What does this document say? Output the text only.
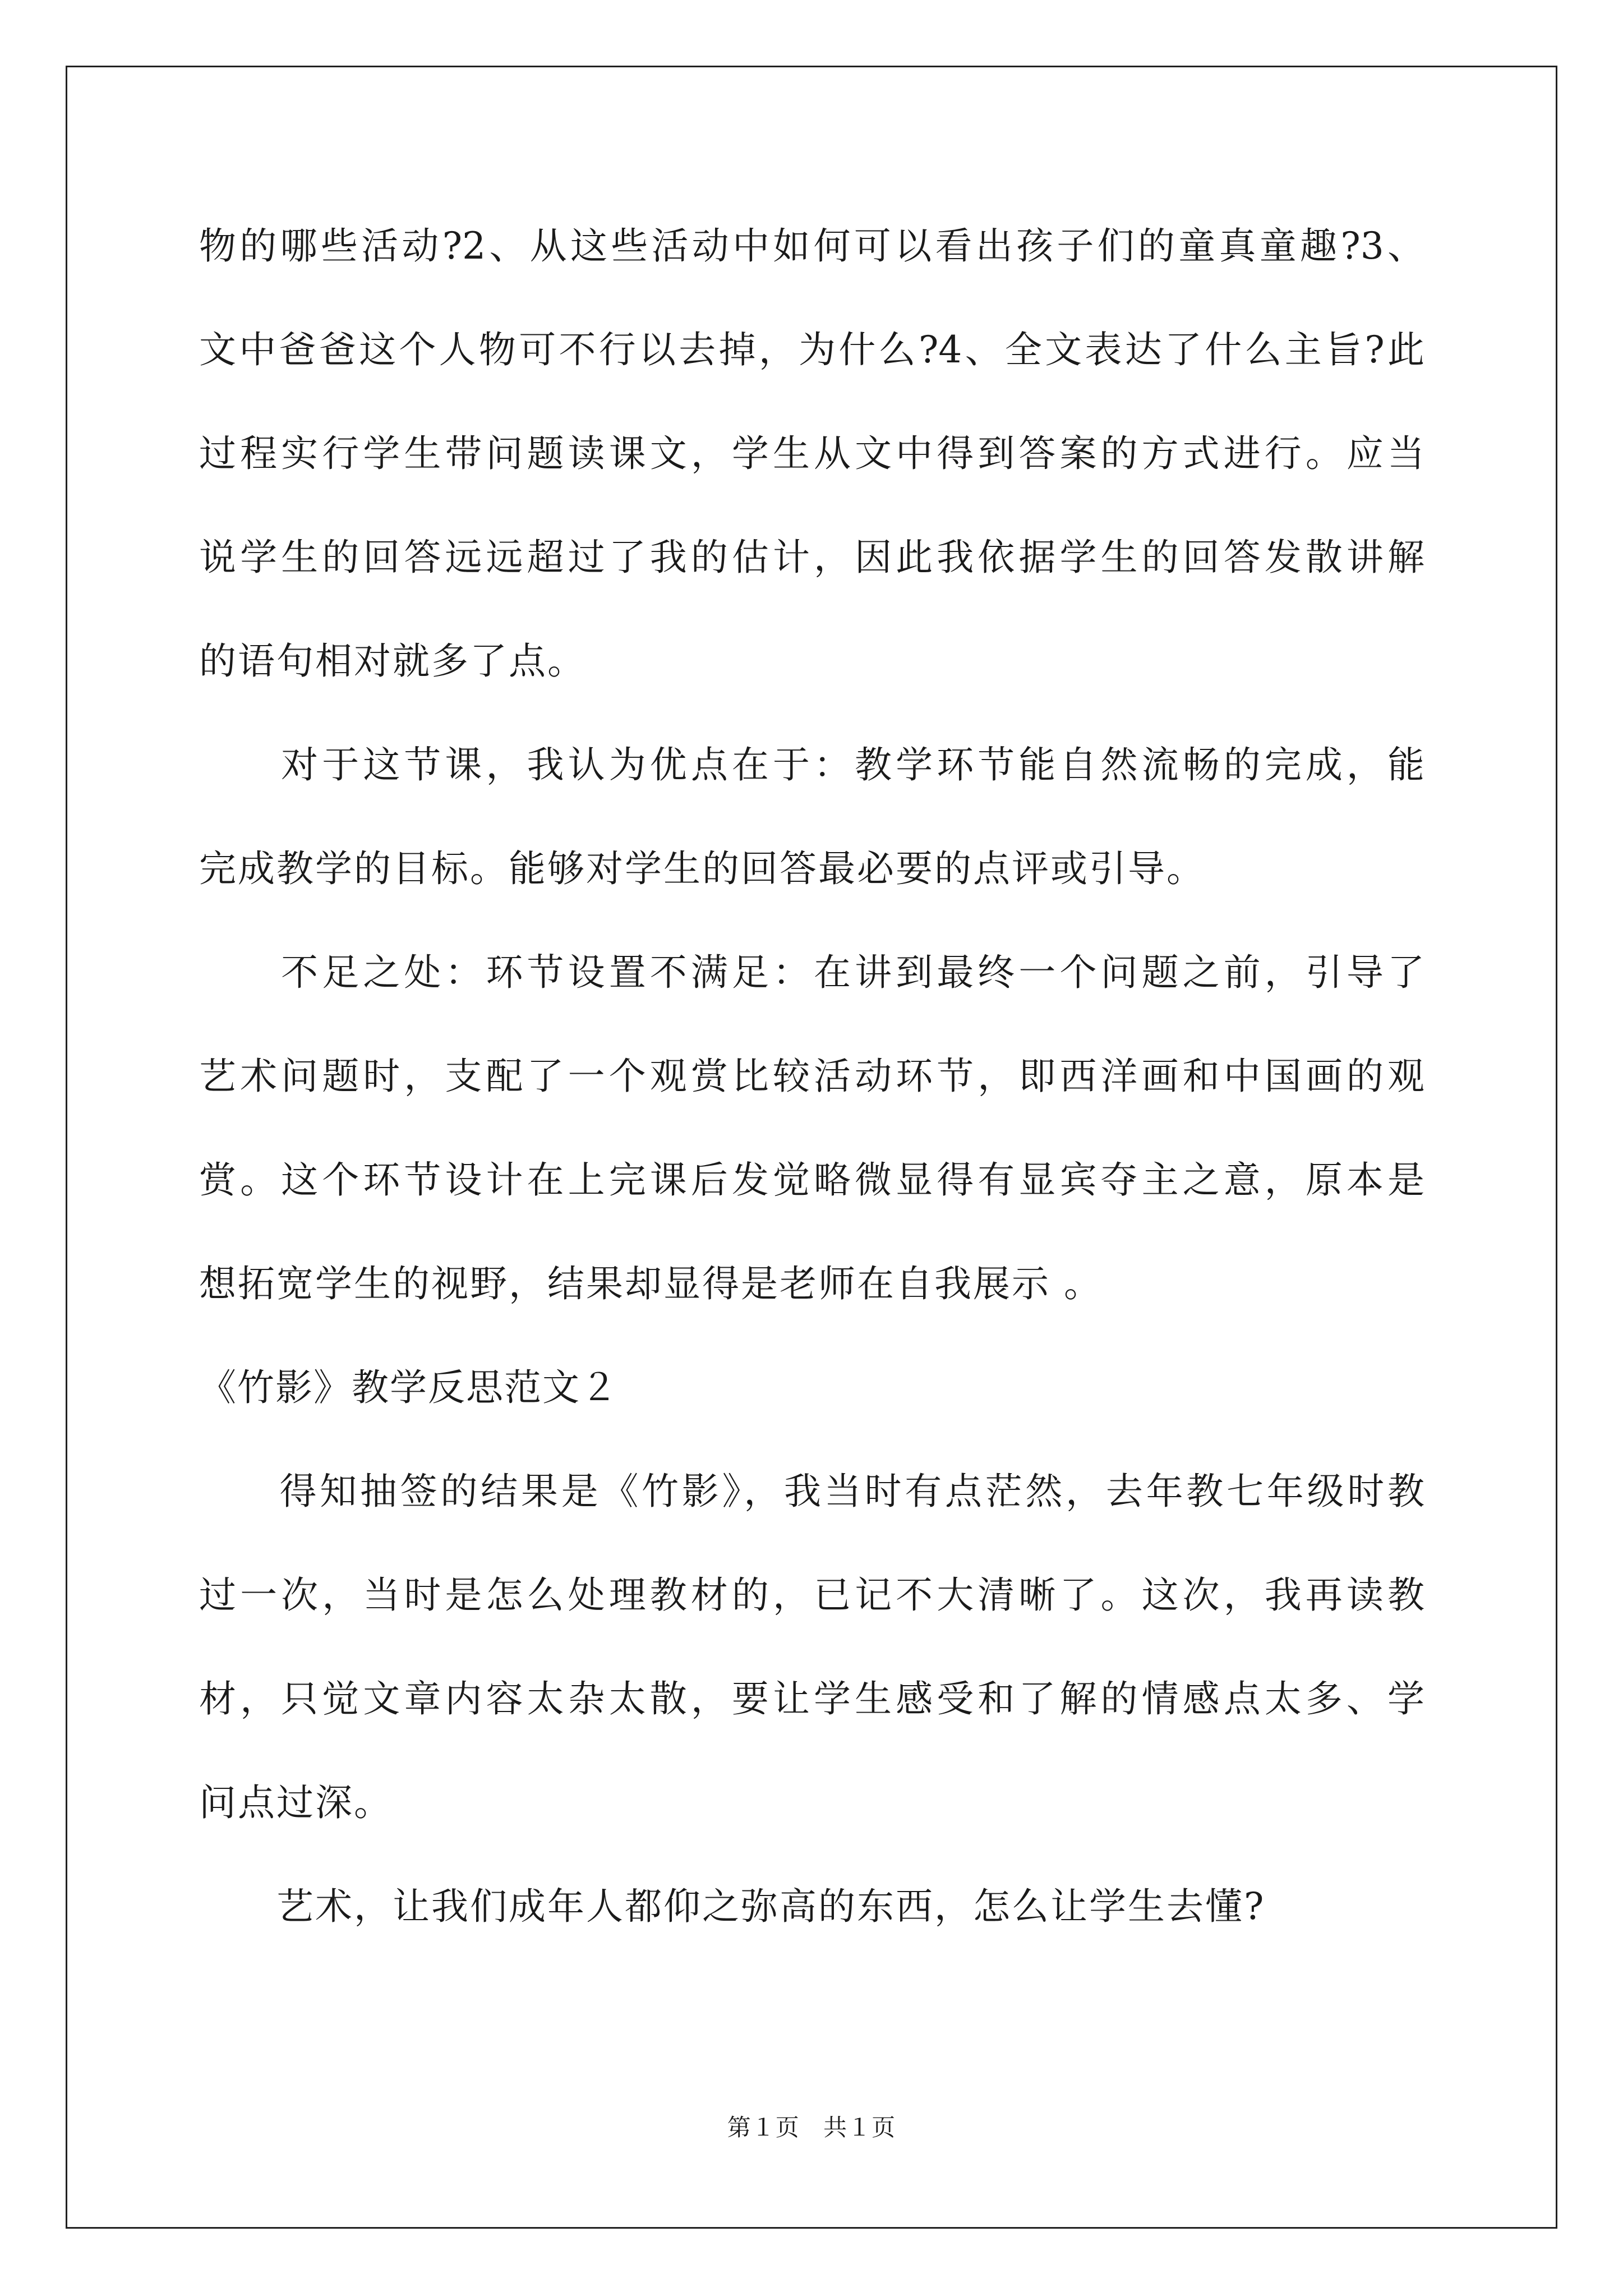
物的哪些活动?2、从这些活动中如何可以看出孩子们的童真童趣?3、
文中爸爸这个人物可不行以去掉，为什么?4、全文表达了什么主旨?此
过程实行学生带问题读课文，学生从文中得到答案的方式进行。应当
说学生的回答远远超过了我的估计，因此我依据学生的回答发散讲解
的语句相对就多了点。
　　对于这节课，我认为优点在于：教学环节能自然流畅的完成，能
完成教学的目标。能够对学生的回答最必要的点评或引导。
　　不足之处：环节设置不满足：在讲到最终一个问题之前，引导了
艺术问题时，支配了一个观赏比较活动环节，即西洋画和中国画的观
赏。这个环节设计在上完课后发觉略微显得有显宾夺主之意，原本是
想拓宽学生的视野，结果却显得是老师在自我展示 。
《竹影》教学反思范文２
　　得知抽签的结果是《竹影》，我当时有点茫然，去年教七年级时教
过一次，当时是怎么处理教材的，已记不大清晰了。这次，我再读教
材，只觉文章内容太杂太散，要让学生感受和了解的情感点太多、学
问点过深。
　　艺术，让我们成年人都仰之弥高的东西，怎么让学生去懂?
第１页 共１页
